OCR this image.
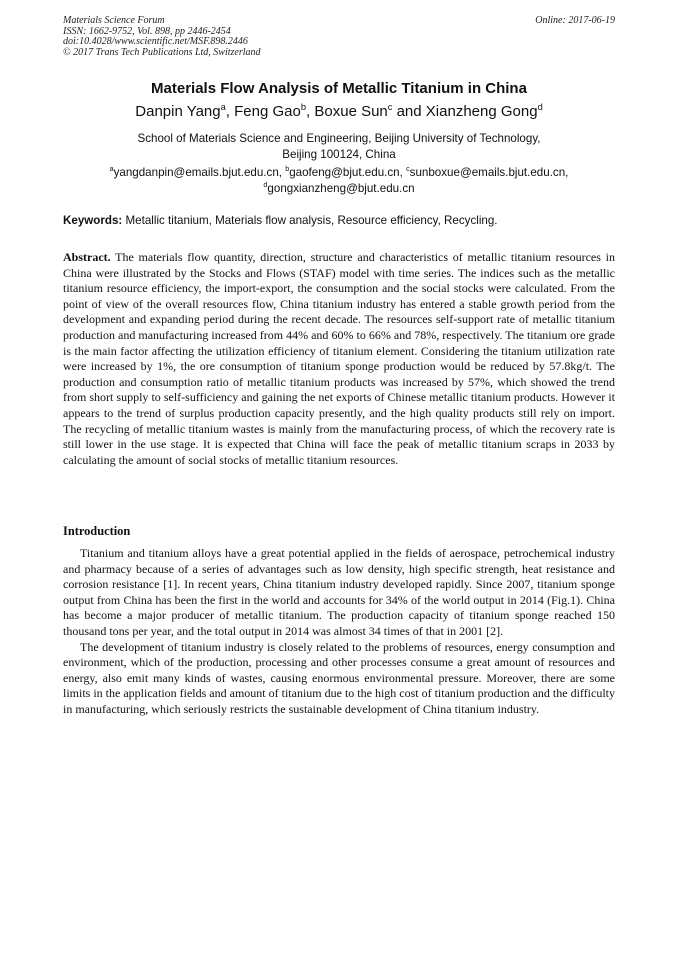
Materials Science Forum
ISSN: 1662-9752, Vol. 898, pp 2446-2454
doi:10.4028/www.scientific.net/MSF.898.2446
© 2017 Trans Tech Publications Ltd, Switzerland
Online: 2017-06-19
Materials Flow Analysis of Metallic Titanium in China
Danpin Yang$^a$, Feng Gao$^b$, Boxue Sun$^c$ and Xianzheng Gong$^d$
School of Materials Science and Engineering, Beijing University of Technology,
Beijing 100124, China
$^a$yangdanpin@emails.bjut.edu.cn, $^b$gaofeng@bjut.edu.cn, $^c$sunboxue@emails.bjut.edu.cn,
$^d$gongxianzheng@bjut.edu.cn
Keywords: Metallic titanium, Materials flow analysis, Resource efficiency, Recycling.

Abstract. The materials flow quantity, direction, structure and characteristics of metallic titanium resources in China were illustrated by the Stocks and Flows (STAF) model with time series. The indices such as the metallic titanium resource efficiency, the import-export, the consumption and the social stocks were calculated. From the point of view of the overall resources flow, China titanium industry has entered a stable growth period from the development and expanding period during the recent decade. The resources self-support rate of metallic titanium production and manufacturing increased from 44% and 60% to 66% and 78%, respectively. The titanium ore grade is the main factor affecting the utilization efficiency of titanium element. Considering the titanium utilization rate were increased by 1%, the ore consumption of titanium sponge production would be reduced by 57.8kg/t. The production and consumption ratio of metallic titanium products was increased by 57%, which showed the trend from short supply to self-sufficiency and gaining the net exports of Chinese metallic titanium products. However it appears to the trend of surplus production capacity presently, and the high quality products still rely on import. The recycling of metallic titanium wastes is mainly from the manufacturing process, of which the recovery rate is still lower in the use stage. It is expected that China will face the peak of metallic titanium scraps in 2033 by calculating the amount of social stocks of metallic titanium resources.

Introduction

Titanium and titanium alloys have a great potential applied in the fields of aerospace, petrochemical industry and pharmacy because of a series of advantages such as low density, high specific strength, heat resistance and corrosion resistance [1]. In recent years, China titanium industry developed rapidly. Since 2007, titanium sponge output from China has been the first in the world and accounts for 34% of the world output in 2014 (Fig.1). China has become a major producer of metallic titanium. The production capacity of titanium sponge reached 150 thousand tons per year, and the total output in 2014 was almost 34 times of that in 2001 [2].

The development of titanium industry is closely related to the problems of resources, energy consumption and environment, which of the production, processing and other processes consume a great amount of resources and energy, also emit many kinds of wastes, causing enormous environmental pressure. Moreover, there are some limits in the application fields and amount of titanium due to the high cost of titanium production and the difficulty in manufacturing, which seriously restricts the sustainable development of China titanium industry.
